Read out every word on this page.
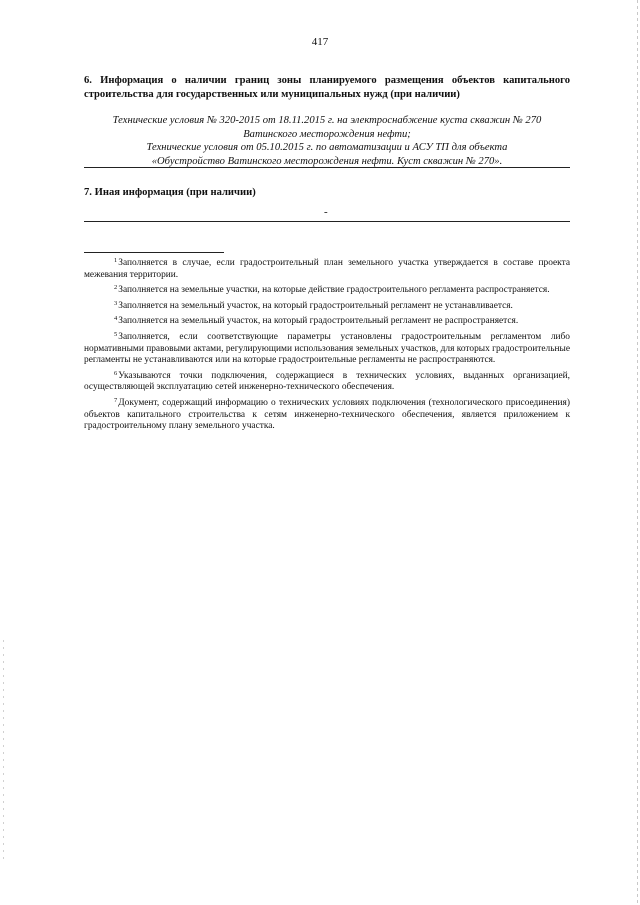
417
6. Информация о наличии границ зоны планируемого размещения объектов капитального строительства для государственных или муниципальных нужд (при наличии)
Технические условия № 320-2015 от 18.11.2015 г. на электроснабжение куста скважин № 270
Ватинского месторождения нефти;
Технические условия от 05.10.2015 г. по автоматизации и АСУ ТП для объекта
«Обустройство Ватинского месторождения нефти. Куст скважин № 270».
7. Иная информация (при наличии)
-

$^1$Заполняется в случае, если градостроительный план земельного участка утверждается в составе проекта межевания территории.

$^2$Заполняется на земельные участки, на которые действие градостроительного регламента распространяется.

$^3$Заполняется на земельный участок, на который градостроительный регламент не устанавливается.

$^4$Заполняется на земельный участок, на который градостроительный регламент не распространяется.

$^5$Заполняется, если соответствующие параметры установлены градостроительным регламентом либо нормативными правовыми актами, регулирующими использования земельных участков, для которых градостроительные регламенты не устанавливаются или на которые градостроительные регламенты не распространяются.

$^6$Указываются точки подключения, содержащиеся в технических условиях, выданных организацией, осуществляющей эксплуатацию сетей инженерно-технического обеспечения.

$^7$Документ, содержащий информацию о технических условиях подключения (технологического присоединения) объектов капитального строительства к сетям инженерно-технического обеспечения, является приложением к градостроительному плану земельного участка.
